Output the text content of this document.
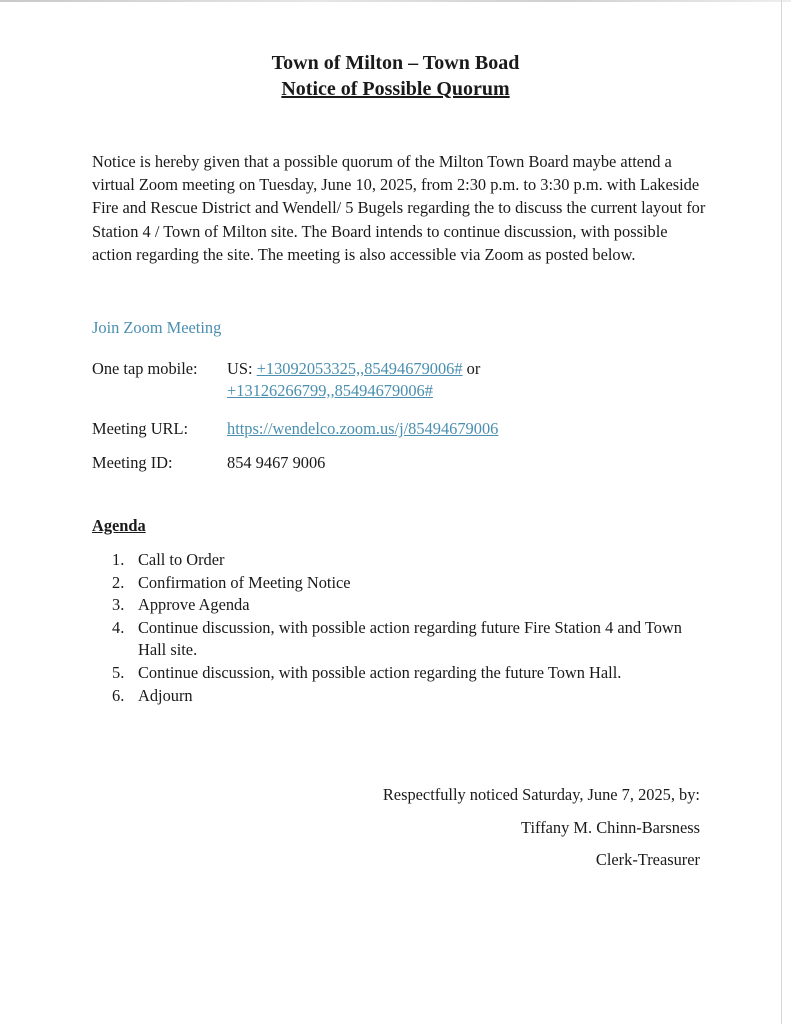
Town of Milton – Town Boad
Notice of Possible Quorum
Notice is hereby given that a possible quorum of the Milton Town Board maybe attend a virtual Zoom meeting on Tuesday, June 10, 2025, from 2:30 p.m. to 3:30 p.m. with Lakeside Fire and Rescue District and Wendell/ 5 Bugels regarding the to discuss the current layout for Station 4 / Town of Milton site. The Board intends to continue discussion, with possible action regarding the site. The meeting is also accessible via Zoom as posted below.
Join Zoom Meeting
One tap mobile: US: +13092053325,,85494679006# or
+13126266799,,85494679006#
Meeting URL: https://wendelco.zoom.us/j/85494679006
Meeting ID:	854 9467 9006
Agenda
1. Call to Order
2. Confirmation of Meeting Notice
3. Approve Agenda
4. Continue discussion, with possible action regarding future Fire Station 4 and Town Hall site.
5. Continue discussion, with possible action regarding the future Town Hall.
6. Adjourn
Respectfully noticed Saturday, June 7, 2025, by:
Tiffany M. Chinn-Barsness
Clerk-Treasurer
